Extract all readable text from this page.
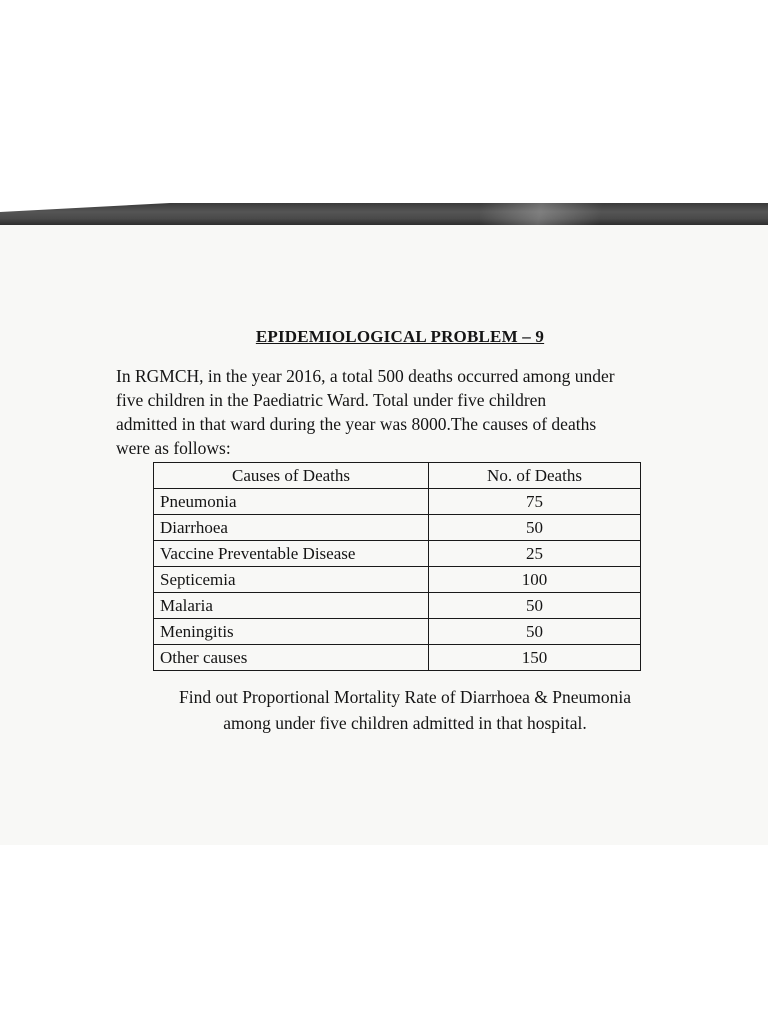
EPIDEMIOLOGICAL PROBLEM – 9

In RGMCH, in the year 2016, a total 500 deaths occurred among under
five children in the Paediatric Ward. Total under five children
admitted in that ward during the year was 8000.The causes of deaths
were as follows:

Causes of Deaths	No. of Deaths
Pneumonia	75
Diarrhoea	50
Vaccine Preventable Disease	25
Septicemia	100
Malaria	50
Meningitis	50
Other causes	150

Find out Proportional Mortality Rate of Diarrhoea & Pneumonia
among under five children admitted in that hospital.
